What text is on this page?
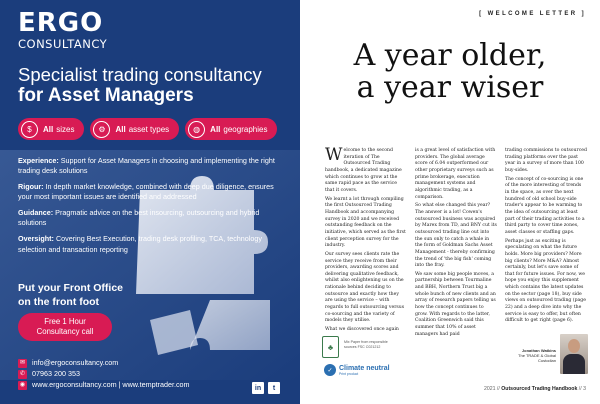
ERGO
CONSULTANCY
Specialist trading consultancy
for Asset Managers
$	All sizes	⚙	All asset types	◍	All geographies
Experience: Support for Asset Managers in choosing and implementing the right trading desk solutions
Rigour: In depth market knowledge, combined with deep due diligence, ensures your most important issues are identified and addressed
Guidance: Pragmatic advice on the best insourcing, outsourcing and hybrid solutions
Oversight: Covering Best Execution, trading desk profiling, TCA, technology selection and transaction reporting
Put your Front Office
on the front foot
Free 1 Hour
Consultancy call
✉ info@ergoconsultancy.com
✆ 07963 200 353
◉ www.ergoconsultancy.com | www.temptrader.com	in	t
[ WELCOME LETTER ]
A year older,
a year wiser

Welcome to the second iteration of The Outsourced Trading handbook, a dedicated magazine which continues to grow at the same rapid pace as the service that it covers.

We learnt a lot through compiling the first Outsourced Trading Handbook and accompanying survey in 2020 and we received outstanding feedback on the initiative, which served as the first client perception survey for the industry.

Our survey sees clients rate the service they receive from their providers, awarding scores and delivering qualitative feedback, whilst also enlightening us on the rationale behind deciding to outsource and exactly how they are using the service – with regards to full outsourcing versus co-sourcing and the variety of models they utilise.

What we discovered once again

is a great level of satisfaction with providers. The global average score of 6.04 outperformed our other proprietary surveys such as prime brokerage, execution management systems and algorithmic trading, as a comparison.

So what else changed this year? The answer is a lot! Cowen's outsourced business was acquired by Marex from TD, and BNY cut its outsourced trading line out into the sun only to catch a whale in the form of Goldman Sachs Asset Management - thereby confirming the trend of 'the big fish' coming into the fray.

We saw some big people moves, a partnership between Tourmaline and BBH, Northern Trust big a whole bunch of new clients and an array of research papers telling us how the concept continues to grow. With regards to the latter, Coalition Greenwich said this summer that 10% of asset managers had paid

trading commissions to outsourced trading platforms over the past year in a survey of more than 100 buy-sides.

The concept of co-sourcing is one of the more interesting of trends in the space, as over the next hundred of old school buy-side trader's appear to be warming to the idea of outsourcing at least part of their trading activities to a third party to cover time zones, asset classes or staffing gaps.

Perhaps just as exciting is speculating on what the future holds. More big providers? More big clients? More M&A? Almost certainly, but let's save some of that for future issues. For now, we hope you enjoy this supplement which contains the latest updates on the sector (page 18), buy side views on outsourced trading (page 22) and a deep dive into why the service is easy to offer, but often difficult to get right (page 6).

♣
Mix Paper from responsible sources FSC C021212
✓ Climate neutral
Print product
Jonathan Watkins
The TRADE & Global Custodian
2021 // Outsourced Trading Handbook // 3
